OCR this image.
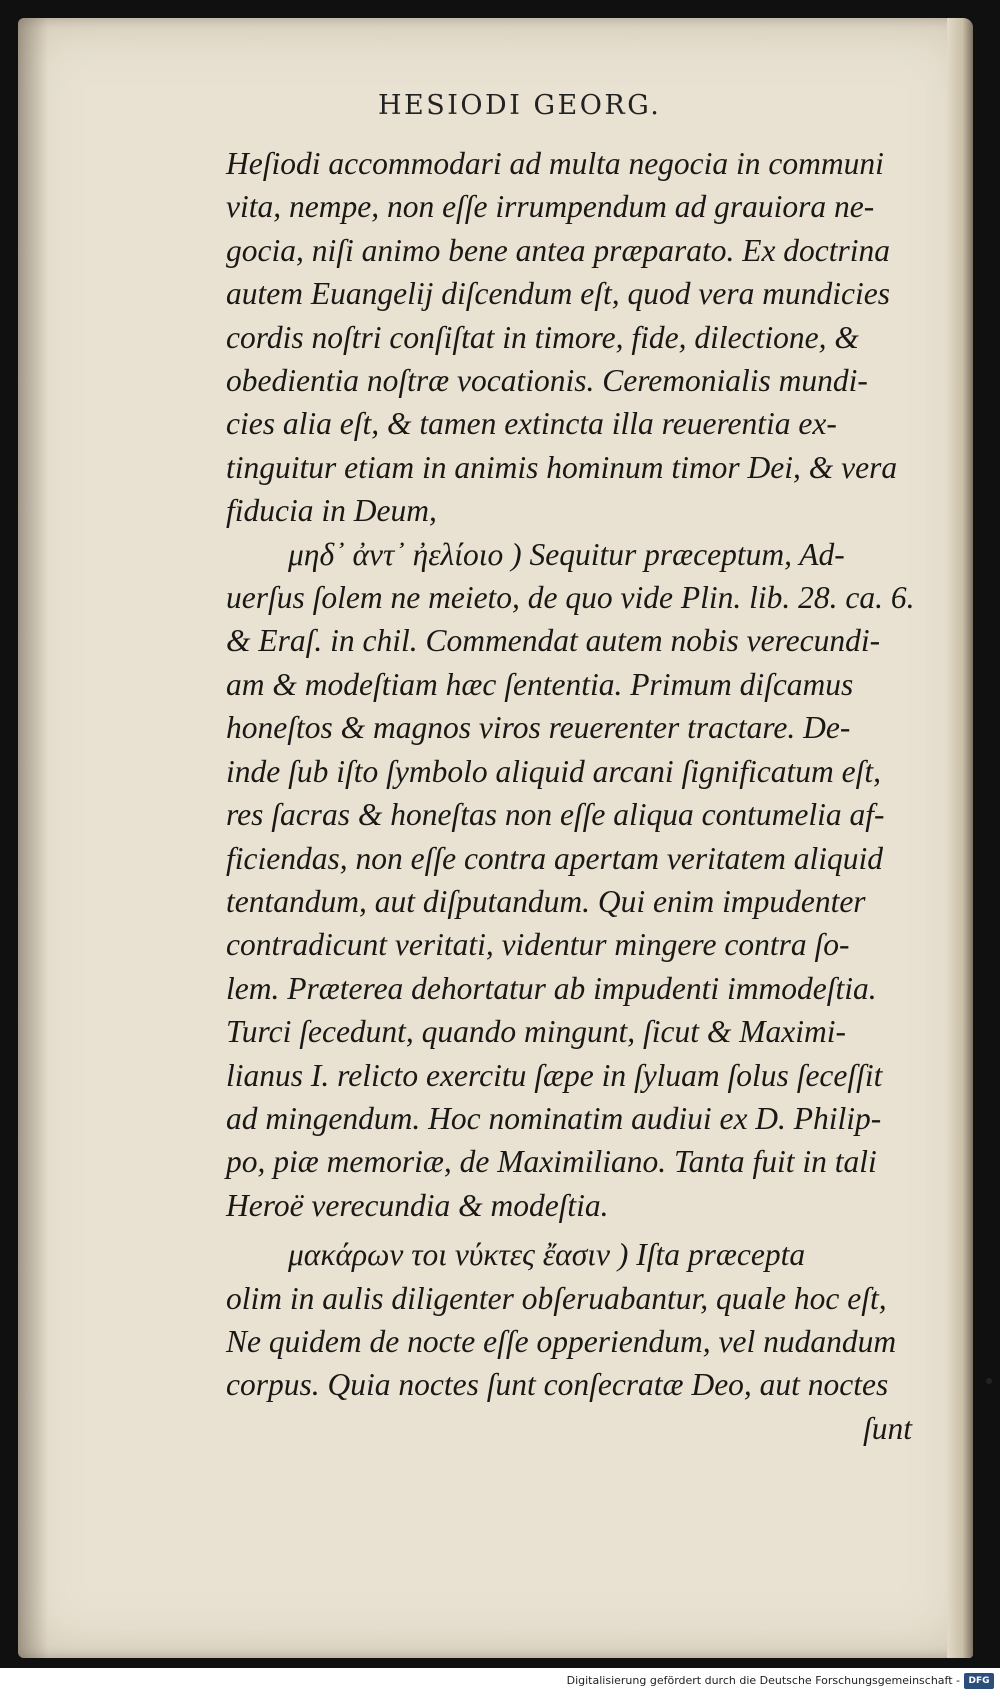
HESIODI GEORG.
Heſiodi accommodari ad multa negocia in communi
vita, nempe, non eſſe irrumpendum ad grauiora ne-
gocia, niſi animo bene antea præparato. Ex doctrina
autem Euangelij diſcendum eſt, quod vera mundicies
cordis noſtri conſiſtat in timore, fide, dilectione, &
obedientia noſtræ vocationis. Ceremonialis mundi-
cies alia eſt, & tamen extincta illa reuerentia ex-
tinguitur etiam in animis hominum timor Dei, & vera
fiducia in Deum,
μηδ᾽ ἀντ᾽ ἠελίοιο ) Sequitur præceptum, Ad-
uerſus ſolem ne meieto, de quo vide Plin. lib. 28. ca. 6.
& Eraſ. in chil. Commendat autem nobis verecundi-
am & modeſtiam hæc ſententia. Primum diſcamus
honeſtos & magnos viros reuerenter tractare. De-
inde ſub iſto ſymbolo aliquid arcani ſignificatum eſt,
res ſacras & honeſtas non eſſe aliqua contumelia af-
ficiendas, non eſſe contra apertam veritatem aliquid
tentandum, aut diſputandum. Qui enim impudenter
contradicunt veritati, videntur mingere contra ſo-
lem. Præterea dehortatur ab impudenti immodeſtia.
Turci ſecedunt, quando mingunt, ſicut & Maximi-
lianus I. relicto exercitu ſæpe in ſyluam ſolus ſeceſſit
ad mingendum. Hoc nominatim audiui ex D. Philip-
po, piæ memoriæ, de Maximiliano. Tanta fuit in tali
Heroë verecundia & modeſtia.
μακάρων τοι νύκτες ἔασιν ) Iſta præcepta
olim in aulis diligenter obſeruabantur, quale hoc eſt,
Ne quidem de nocte eſſe opperiendum, vel nudandum
corpus. Quia noctes ſunt conſecratæ Deo, aut noctes
ſunt
Digitalisierung gefördert durch die Deutsche Forschungsgemeinschaft - DFG
